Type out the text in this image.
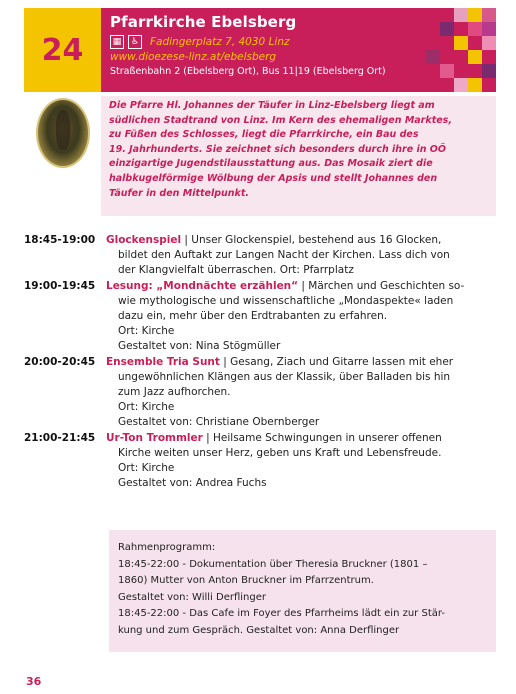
24
Pfarrkirche Ebelsberg
▦	♿ Fadingerplatz 7, 4030 Linz
www.dioezese-linz.at/ebelsberg
Straßenbahn 2 (Ebelsberg Ort), Bus 11|19 (Ebelsberg Ort)
Die Pfarre Hl. Johannes der Täufer in Linz-Ebelsberg liegt am
südlichen Stadtrand von Linz. Im Kern des ehemaligen Marktes,
zu Füßen des Schlosses, liegt die Pfarrkirche, ein Bau des
19. Jahrhunderts. Sie zeichnet sich besonders durch ihre in OÖ
einzigartige Jugendstilausstattung aus. Das Mosaik ziert die
halbkugelförmige Wölbung der Apsis und stellt Johannes den
Täufer in den Mittelpunkt.
18:45-19:00	Glockenspiel | Unser Glockenspiel, bestehend aus 16 Glocken,
bildet den Auftakt zur Langen Nacht der Kirchen. Lass dich von
der Klangvielfalt überraschen. Ort: Pfarrplatz
19:00-19:45	Lesung: „Mondnächte erzählen“ | Märchen und Geschichten so-
wie mythologische und wissenschaftliche „Mondaspekte« laden
dazu ein, mehr über den Erdtrabanten zu erfahren.
Ort: Kirche
Gestaltet von: Nina Stögmüller
20:00-20:45	Ensemble Tria Sunt | Gesang, Ziach und Gitarre lassen mit eher
ungewöhnlichen Klängen aus der Klassik, über Balladen bis hin
zum Jazz aufhorchen.
Ort: Kirche
Gestaltet von: Christiane Obernberger
21:00-21:45	Ur-Ton Trommler | Heilsame Schwingungen in unserer offenen
Kirche weiten unser Herz, geben uns Kraft und Lebensfreude.
Ort: Kirche
Gestaltet von: Andrea Fuchs
Rahmenprogramm:
18:45-22:00 - Dokumentation über Theresia Bruckner (1801 –
1860) Mutter von Anton Bruckner im Pfarrzentrum.
Gestaltet von: Willi Derflinger
18:45-22:00 - Das Cafe im Foyer des Pfarrheims lädt ein zur Stär-
kung und zum Gespräch. Gestaltet von: Anna Derflinger
36
